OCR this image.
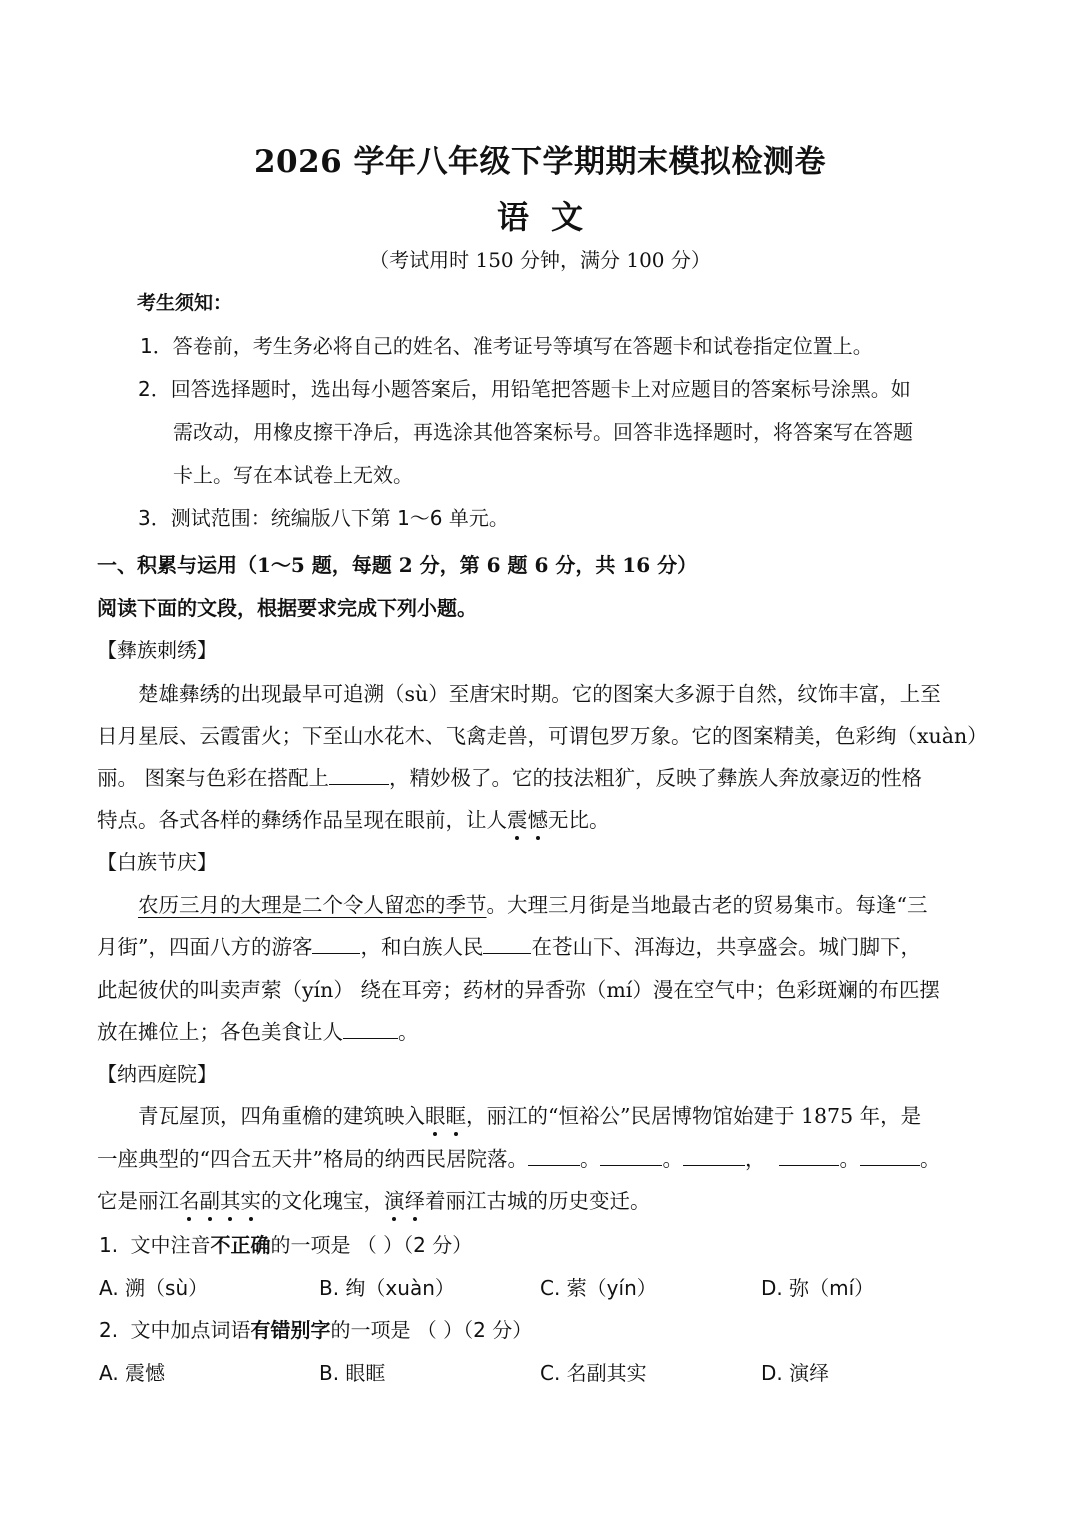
2026 学年八年级下学期期末模拟检测卷
语文
（考试用时 150 分钟，满分 100 分）
考生须知：
1．答卷前，考生务必将自己的姓名、准考证号等填写在答题卡和试卷指定位置上。
2．回答选择题时，选出每小题答案后，用铅笔把答题卡上对应题目的答案标号涂黑。如
需改动，用橡皮擦干净后，再选涂其他答案标号。回答非选择题时，将答案写在答题
卡上。写在本试卷上无效。
3．测试范围：统编版八下第 1～6 单元。
一、积累与运用（1～5 题，每题 2 分，第 6 题 6 分，共 16 分）
阅读下面的文段，根据要求完成下列小题。
【彝族刺绣】
楚雄彝绣的出现最早可追溯（sù）至唐宋时期。它的图案大多源于自然，纹饰丰富，上至
日月星辰、云霞雷火；下至山水花木、飞禽走兽，可谓包罗万象。它的图案精美，色彩绚（xuàn）
丽。 图案与色彩在搭配上	，精妙极了。它的技法粗犷，反映了彝族人奔放豪迈的性格
特点。各式各样的彝绣作品呈现在眼前，让人震憾无比。
【白族节庆】
农历三月的大理是二个令人留恋的季节。大理三月街是当地最古老的贸易集市。每逢“三
月街”，四面八方的游客 ，和白族人民 在苍山下、洱海边，共享盛会。城门脚下，
此起彼伏的叫卖声萦（yín） 绕在耳旁；药材的异香弥（mí）漫在空气中；色彩斑斓的布匹摆
放在摊位上；各色美食让人	。
【纳西庭院】
青瓦屋顶，四角重檐的建筑映入眼眶，丽江的“恒裕公”民居博物馆始建于 1875 年，是
一座典型的“四合五天井”格局的纳西民居院落。	。	。	，	。	。
它是丽江名副其实的文化瑰宝，演绎着丽江古城的历史变迁。
1. 文中注音不正确的一项是 （ ）（2 分）
A. 溯（sù）	B. 绚（xuàn）	C. 萦（yín）	D. 弥（mí）
2. 文中加点词语有错别字的一项是 （ ）（2 分）
A. 震憾	B. 眼眶	C. 名副其实	D. 演绎
